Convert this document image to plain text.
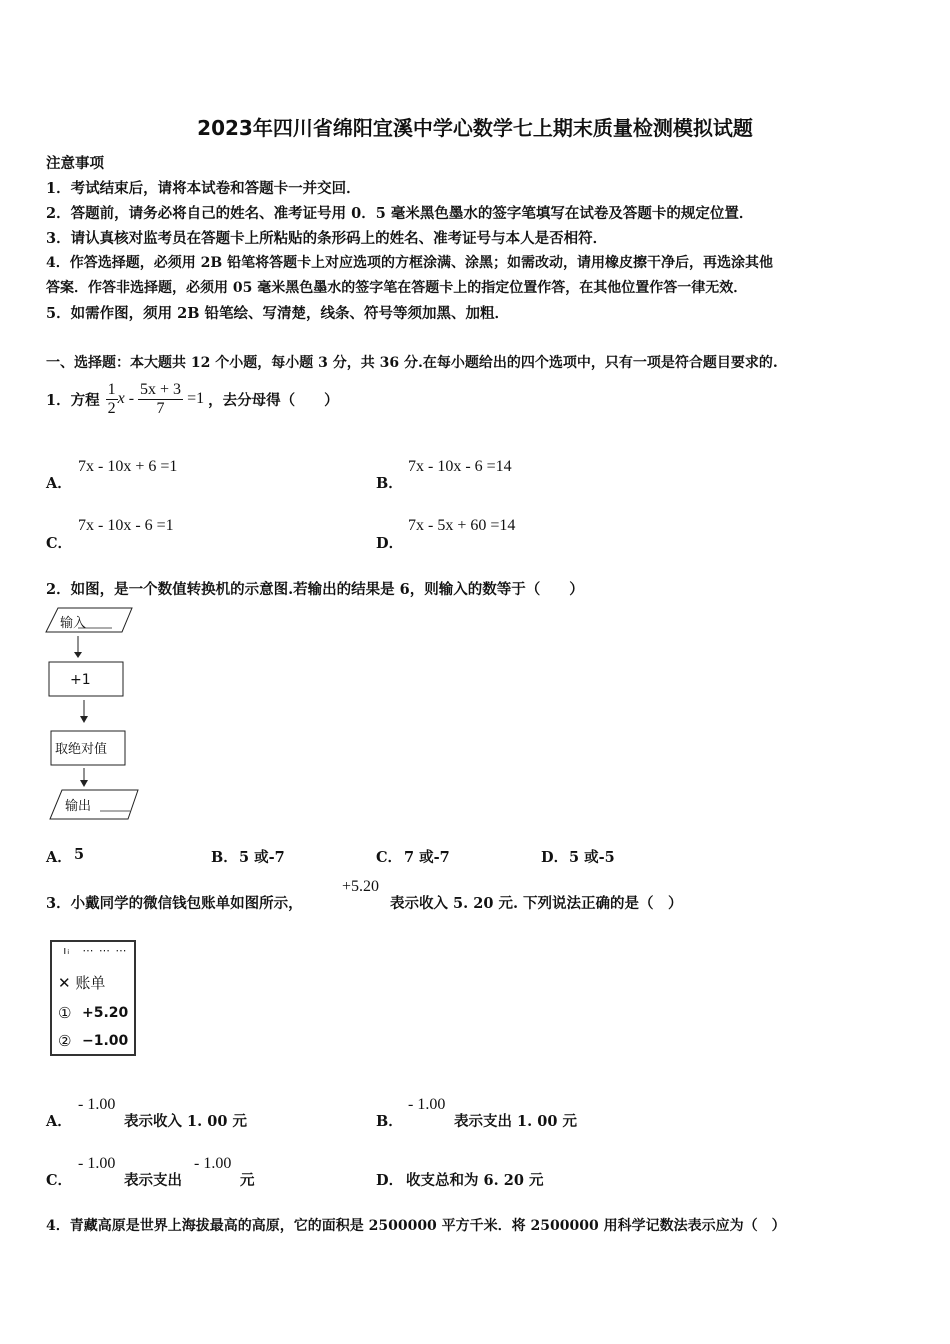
2023年四川省绵阳宜溪中学心数学七上期末质量检测模拟试题
注意事项
1．考试结束后，请将本试卷和答题卡一并交回．
2．答题前，请务必将自己的姓名、准考证号用 0．5 毫米黑色墨水的签字笔填写在试卷及答题卡的规定位置．
3．请认真核对监考员在答题卡上所粘贴的条形码上的姓名、准考证号与本人是否相符．
4．作答选择题，必须用 2B 铅笔将答题卡上对应选项的方框涂满、涂黑；如需改动，请用橡皮擦干净后，再选涂其他
答案．作答非选择题，必须用 05 毫米黑色墨水的签字笔在答题卡上的指定位置作答，在其他位置作答一律无效．
5．如需作图，须用 2B 铅笔绘、写清楚，线条、符号等须加黑、加粗．
一、选择题：本大题共 12 个小题，每小题 3 分，共 36 分.在每小题给出的四个选项中，只有一项是符合题目要求的.
1．方程 $\frac{1}{2}$ $x - \frac{5x + 3}{7} =1$ ，去分母得（　　）
A．
7x - 10x + 6 =1
B．
7x - 10x - 6 =14
C．
7x - 10x - 6 =1
D．
7x - 5x + 60 =14
2．如图，是一个数值转换机的示意图.若输出的结果是 6，则输入的数等于（　　）
输入
+1
取绝对值
输出
A． 5	B． 5 或-7	C． 7 或-7	D． 5 或-5
3．小戴同学的微信钱包账单如图所示，
+5.20
表示收入 5. 20 元. 下列说法正确的是（　）
 ıᵢ   ⋯ ⋯ ⋯
✕ 账单
① +5.20
② −1.00
A．
- 1.00
表示收入 1. 00 元	B．
- 1.00
表示支出 1. 00 元
C．
- 1.00
表示支出
- 1.00
元	D． 收支总和为 6. 20 元
4．青藏高原是世界上海拔最高的高原，它的面积是 2500000 平方千米．将 2500000 用科学记数法表示应为（　）
